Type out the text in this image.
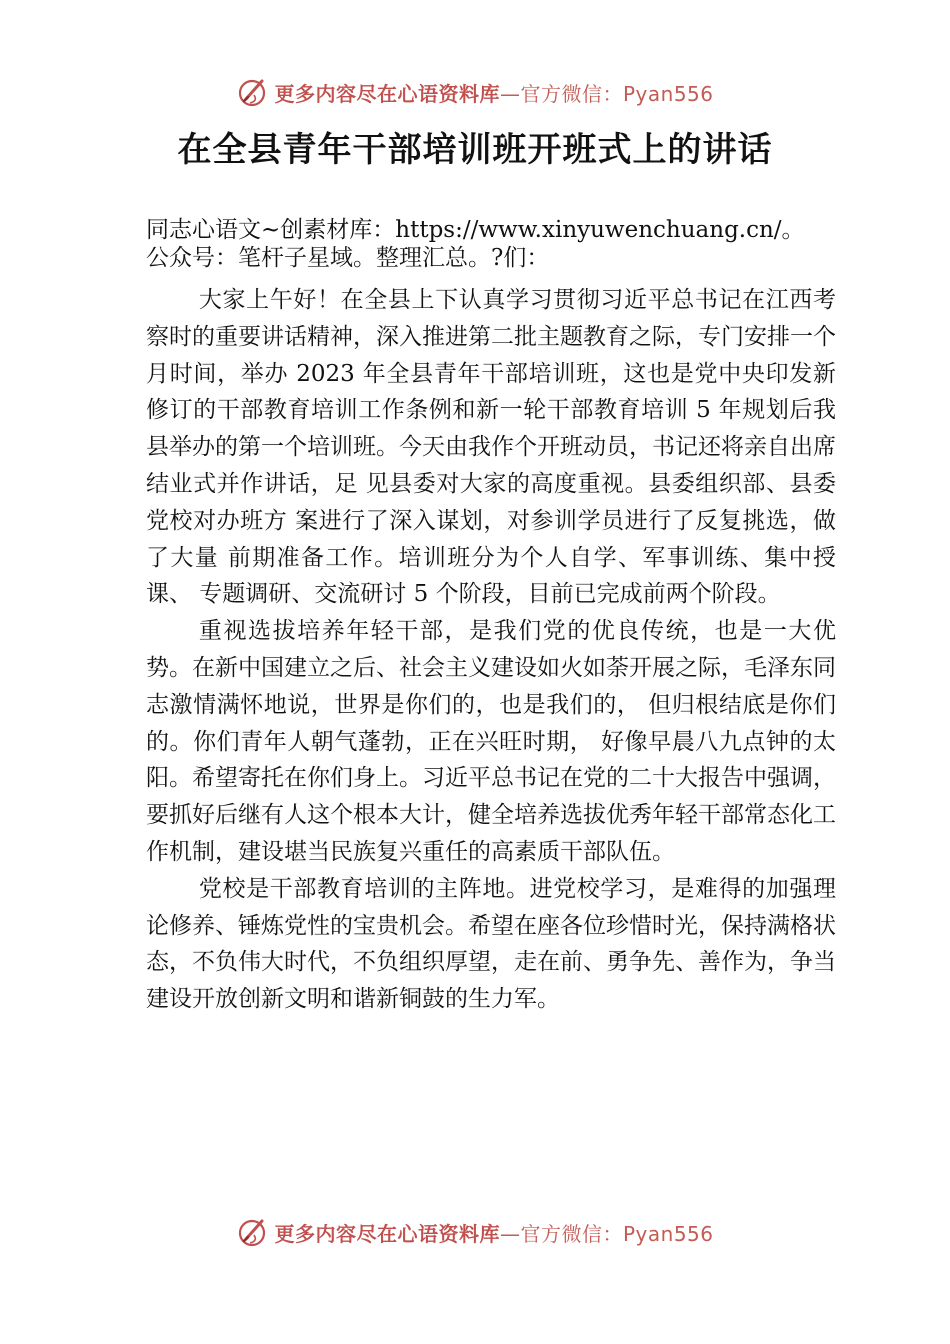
更多内容尽在心语资料库—官方微信：Pyan556
在全县青年干部培训班开班式上的讲话
同志心语文~创素材库：https://www.xinyuwenchuang.cn/。
公众号：笔杆子星域。整理汇总。?们：

大家上午好！在全县上下认真学习贯彻习近平总书记在江西考察时的重要讲话精神，深入推进第二批主题教育之际，专门安排一个月时间，举办 2023 年全县青年干部培训班，这也是党中央印发新修订的干部教育培训工作条例和新一轮干部教育培训 5 年规划后我县举办的第一个培训班。今天由我作个开班动员，书记还将亲自出席结业式并作讲话，足 见县委对大家的高度重视。县委组织部、县委党校对办班方 案进行了深入谋划，对参训学员进行了反复挑选，做了大量 前期准备工作。培训班分为个人自学、军事训练、集中授课、 专题调研、交流研讨 5 个阶段，目前已完成前两个阶段。

重视选拔培养年轻干部，是我们党的优良传统，也是一大优势。在新中国建立之后、社会主义建设如火如荼开展之际，毛泽东同志激情满怀地说，世界是你们的，也是我们的， 但归根结底是你们的。你们青年人朝气蓬勃，正在兴旺时期， 好像早晨八九点钟的太阳。希望寄托在你们身上。习近平总书记在党的二十大报告中强调，要抓好后继有人这个根本大计，健全培养选拔优秀年轻干部常态化工作机制，建设堪当民族复兴重任的高素质干部队伍。

党校是干部教育培训的主阵地。进党校学习，是难得的加强理论修养、锤炼党性的宝贵机会。希望在座各位珍惜时光，保持满格状态，不负伟大时代，不负组织厚望，走在前、勇争先、善作为，争当建设开放创新文明和谐新铜鼓的生力军。

更多内容尽在心语资料库—官方微信：Pyan556
